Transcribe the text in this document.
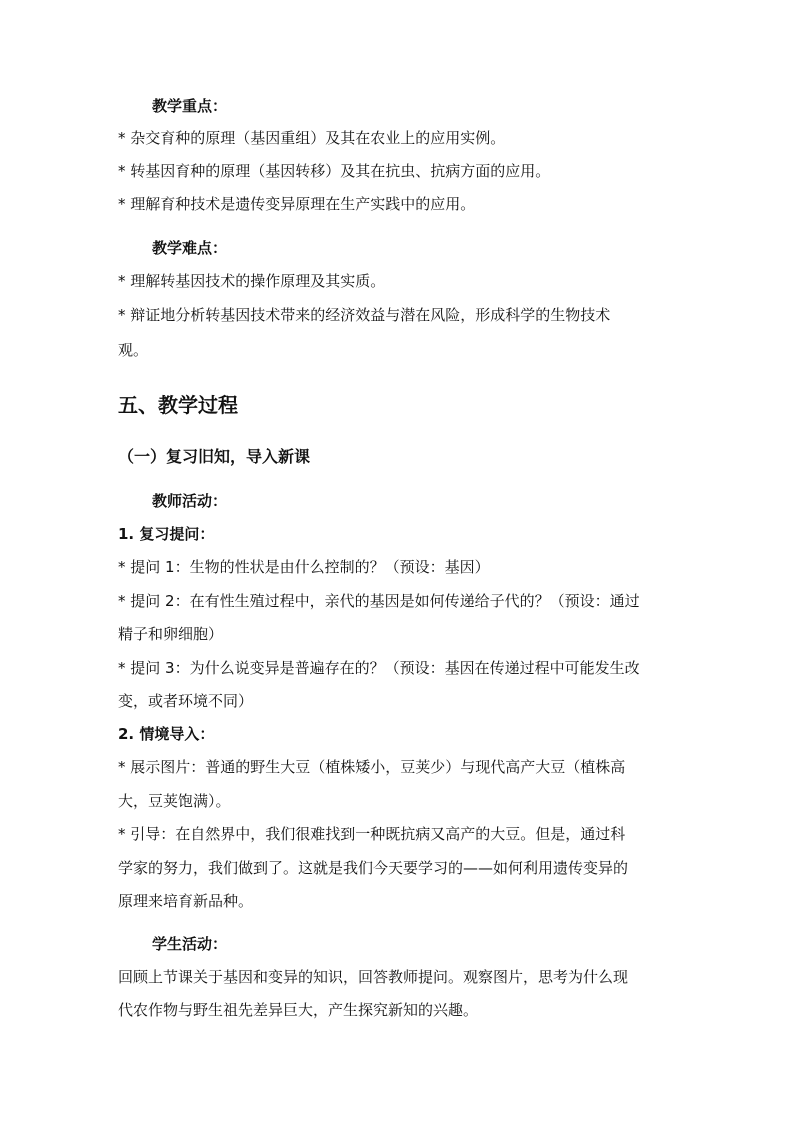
教学重点：
* 杂交育种的原理（基因重组）及其在农业上的应用实例。
* 转基因育种的原理（基因转移）及其在抗虫、抗病方面的应用。
* 理解育种技术是遗传变异原理在生产实践中的应用。
教学难点：
* 理解转基因技术的操作原理及其实质。
* 辩证地分析转基因技术带来的经济效益与潜在风险，形成科学的生物技术
观。
五、教学过程
（一）复习旧知，导入新课
教师活动：
1. 复习提问：
* 提问 1：生物的性状是由什么控制的？（预设：基因）
* 提问 2：在有性生殖过程中，亲代的基因是如何传递给子代的？（预设：通过
精子和卵细胞）
* 提问 3：为什么说变异是普遍存在的？（预设：基因在传递过程中可能发生改
变，或者环境不同）
2. 情境导入：
* 展示图片：普通的野生大豆（植株矮小，豆荚少）与现代高产大豆（植株高
大，豆荚饱满）。
* 引导：在自然界中，我们很难找到一种既抗病又高产的大豆。但是，通过科
学家的努力，我们做到了。这就是我们今天要学习的——如何利用遗传变异的
原理来培育新品种。
学生活动：
回顾上节课关于基因和变异的知识，回答教师提问。观察图片，思考为什么现
代农作物与野生祖先差异巨大，产生探究新知的兴趣。
